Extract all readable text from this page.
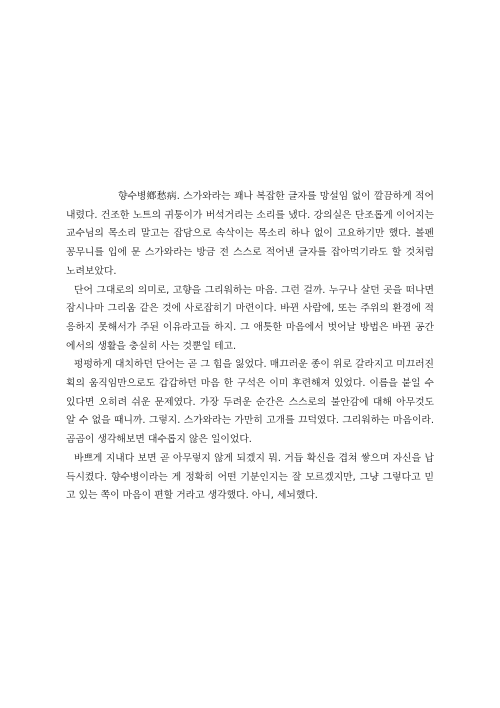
향수병鄕愁病. 스가와라는 꽤나 복잡한 글자를 망설임 없이 깔끔하게 적어 내렸다. 건조한 노트의 귀퉁이가 버석거리는 소리를 냈다. 강의실은 단조롭게 이어지는 교수님의 목소리 말고는 잡담으로 속삭이는 목소리 하나 없이 고요하기만 했다. 볼펜 꽁무니를 입에 문 스가와라는 방금 전 스스로 적어낸 글자를 잡아먹기라도 할 것처럼 노려보았다.

단어 그대로의 의미로, 고향을 그리워하는 마음. 그런 걸까. 누구나 살던 곳을 떠나면 잠시나마 그리움 같은 것에 사로잡히기 마련이다. 바뀐 사람에, 또는 주위의 환경에 적응하지 못해서가 주된 이유라고들 하지. 그 애틋한 마음에서 벗어날 방법은 바뀐 공간에서의 생활을 충실히 사는 것뿐일 테고.

펑펑하게 대치하던 단어는 곧 그 힘을 잃었다. 매끄러운 종이 위로 갈라지고 미끄러진 획의 움직임만으로도 갑갑하던 마음 한 구석은 이미 후련해져 있었다. 이름을 붙일 수 있다면 오히려 쉬운 문제였다. 가장 두려운 순간은 스스로의 불안감에 대해 아무것도 알 수 없을 때니까. 그렇지. 스가와라는 가만히 고개를 끄덕였다. 그리워하는 마음이라. 곰곰이 생각해보면 대수롭지 않은 일이었다.

바쁘게 지내다 보면 곧 아무렇지 않게 되겠지 뭐. 거듭 확신을 겹쳐 쌓으며 자신을 납득시켰다. 향수병이라는 게 정확히 어떤 기분인지는 잘 모르겠지만, 그냥 그렇다고 믿고 있는 쪽이 마음이 편할 거라고 생각했다. 아니, 세뇌했다.
